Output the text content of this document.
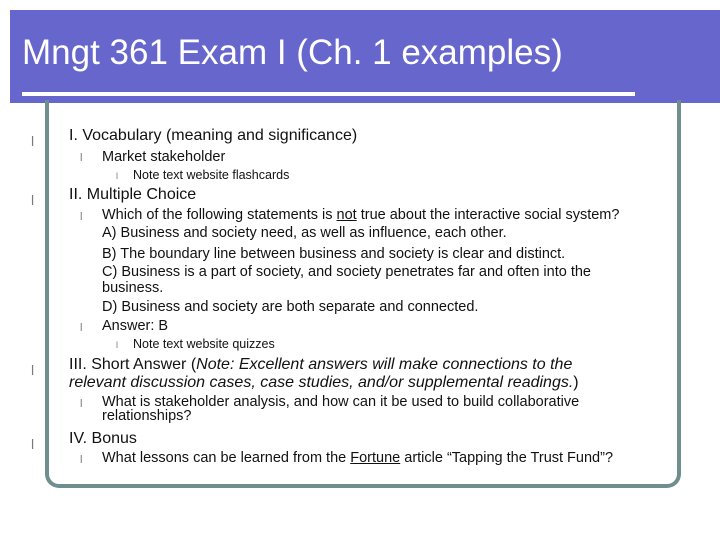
Mngt 361 Exam I (Ch. 1 examples)
l I. Vocabulary (meaning and significance)
l Market stakeholder
l Note text website flashcards
l II. Multiple Choice
l Which of the following statements is not true about the interactive social system?
A) Business and society need, as well as influence, each other.
B) The boundary line between business and society is clear and distinct.
C) Business is a part of society, and society penetrates far and often into the
business.
D) Business and society are both separate and connected.
l Answer: B
l Note text website quizzes
l III. Short Answer (Note: Excellent answers will make connections to the
relevant discussion cases, case studies, and/or supplemental readings.)
l What is stakeholder analysis, and how can it be used to build collaborative
relationships?
l IV. Bonus
l What lessons can be learned from the Fortune article “Tapping the Trust Fund”?
